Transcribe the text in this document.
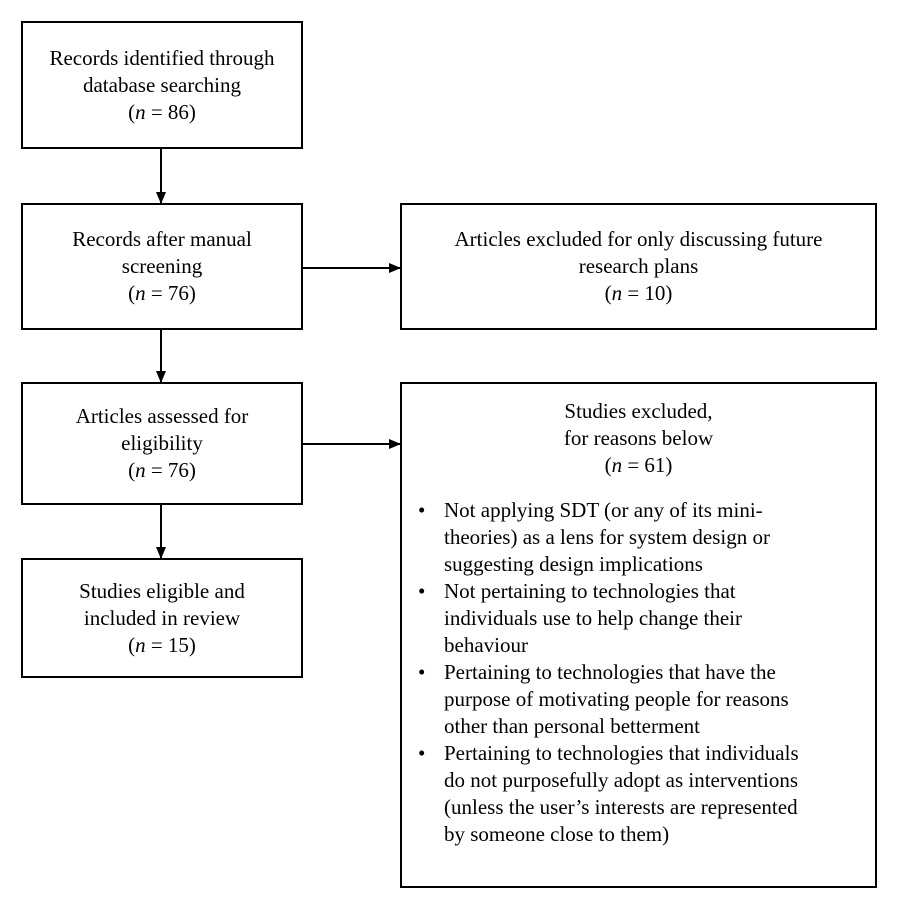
Records identified through
database searching
(n = 86)
Records after manual
screening
(n = 76)
Articles assessed for
eligibility
(n = 76)
Studies eligible and
included in review
(n = 15)
Articles excluded for only discussing future
research plans
(n = 10)
Studies excluded,
for reasons below
(n = 61)
• Not applying SDT (or any of its mini-
theories) as a lens for system design or
suggesting design implications
• Not pertaining to technologies that
individuals use to help change their
behaviour
• Pertaining to technologies that have the
purpose of motivating people for reasons
other than personal betterment
• Pertaining to technologies that individuals
do not purposefully adopt as interventions
(unless the user’s interests are represented
by someone close to them)
